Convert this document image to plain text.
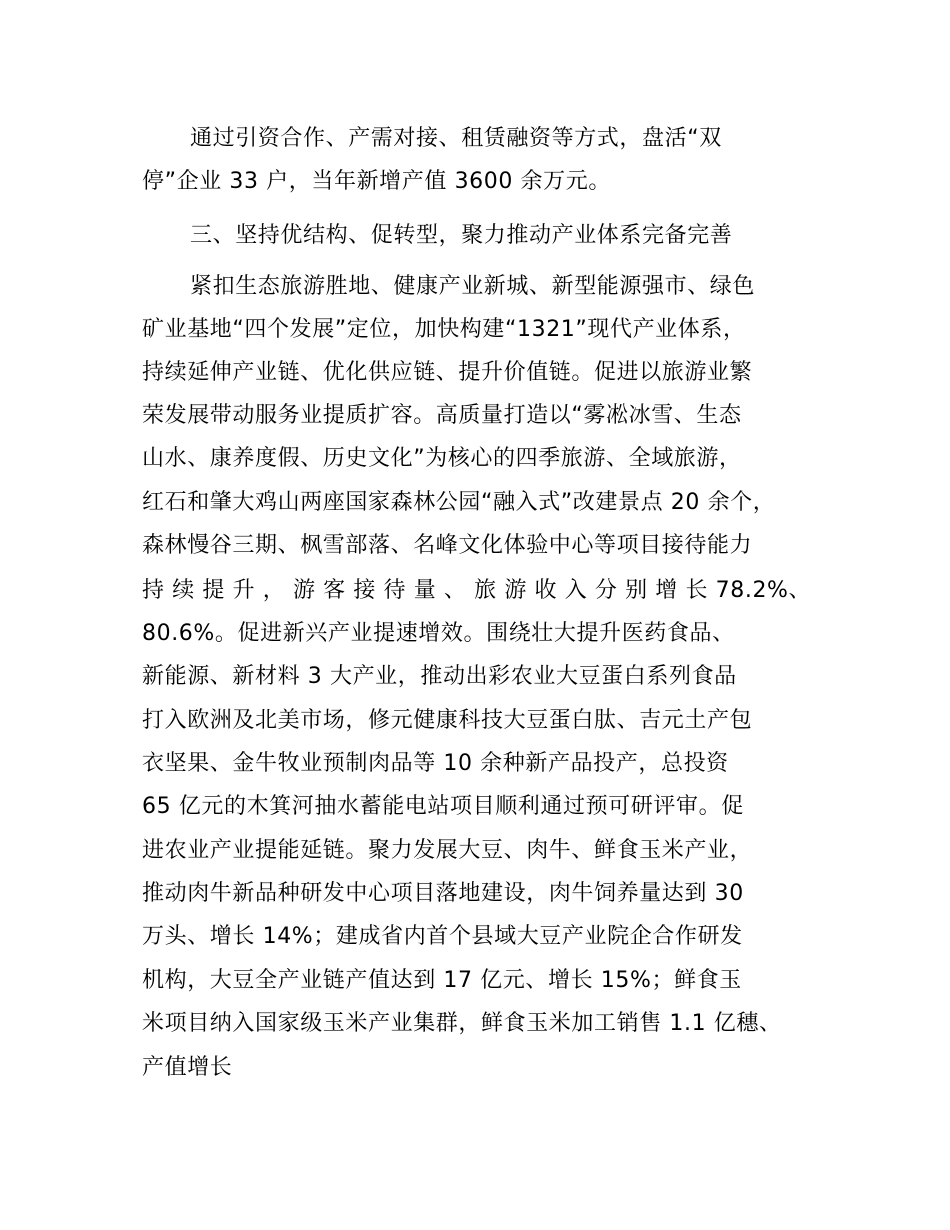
通过引资合作、产需对接、租赁融资等方式，盘活“双
停”企业 33 户，当年新增产值 3600 余万元。
三、坚持优结构、促转型，聚力推动产业体系完备完善
紧扣生态旅游胜地、健康产业新城、新型能源强市、绿色
矿业基地“四个发展”定位，加快构建“1321”现代产业体系，
持续延伸产业链、优化供应链、提升价值链。促进以旅游业繁
荣发展带动服务业提质扩容。高质量打造以“雾凇冰雪、生态
山水、康养度假、历史文化”为核心的四季旅游、全域旅游，
红石和肇大鸡山两座国家森林公园“融入式”改建景点 20 余个，
森林慢谷三期、枫雪部落、名峰文化体验中心等项目接待能力
持 续 提 升 ， 游 客 接 待 量 、 旅 游 收 入 分 别 增 长 78.2%、
80.6%。促进新兴产业提速增效。围绕壮大提升医药食品、
新能源、新材料 3 大产业，推动出彩农业大豆蛋白系列食品
打入欧洲及北美市场，修元健康科技大豆蛋白肽、吉元土产包
衣坚果、金牛牧业预制肉品等 10 余种新产品投产，总投资
65 亿元的木箕河抽水蓄能电站项目顺利通过预可研评审。促
进农业产业提能延链。聚力发展大豆、肉牛、鲜食玉米产业，
推动肉牛新品种研发中心项目落地建设，肉牛饲养量达到 30
万头、增长 14%；建成省内首个县域大豆产业院企合作研发
机构，大豆全产业链产值达到 17 亿元、增长 15%；鲜食玉
米项目纳入国家级玉米产业集群，鲜食玉米加工销售 1.1 亿穗、
产值增长
